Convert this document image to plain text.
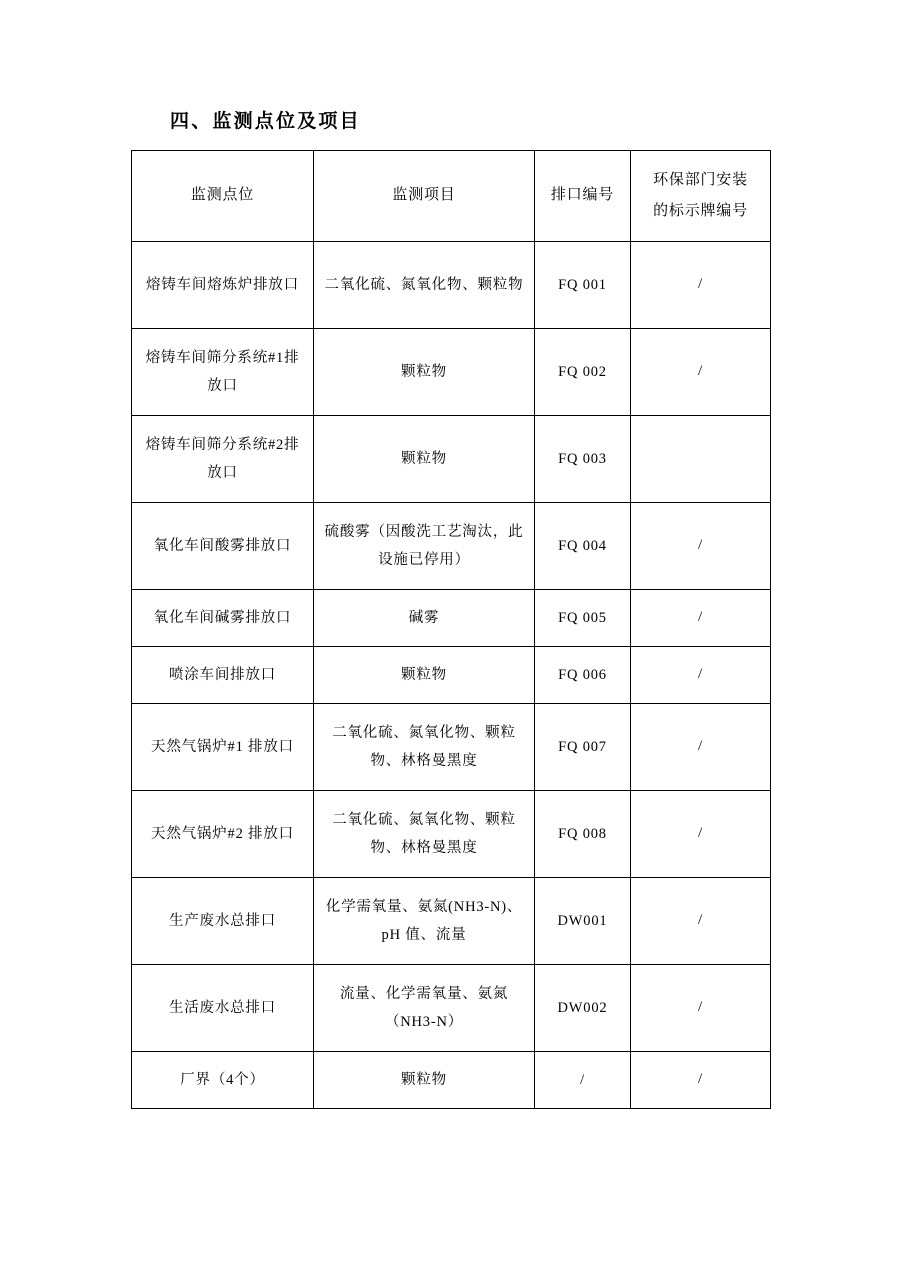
四、监测点位及项目
监测点位	监测项目	排口编号	环保部门安装
的标示牌编号
熔铸车间熔炼炉排放口	二氧化硫、氮氧化物、颗粒物	FQ 001	/
熔铸车间筛分系统#1排放口	颗粒物	FQ 002	/
熔铸车间筛分系统#2排放口	颗粒物	FQ 003	
氧化车间酸雾排放口	硫酸雾（因酸洗工艺淘汰，此设施已停用）	FQ 004	/
氧化车间碱雾排放口	碱雾	FQ 005	/
喷涂车间排放口	颗粒物	FQ 006	/
天然气锅炉#1 排放口	二氧化硫、氮氧化物、颗粒物、林格曼黑度	FQ 007	/
天然气锅炉#2 排放口	二氧化硫、氮氧化物、颗粒物、林格曼黑度	FQ 008	/
生产废水总排口	化学需氧量、氨氮(NH3-N)、pH 值、流量	DW001	/
生活废水总排口	流量、化学需氧量、氨氮（NH3-N）	DW002	/
厂界（4个）	颗粒物	/	/
